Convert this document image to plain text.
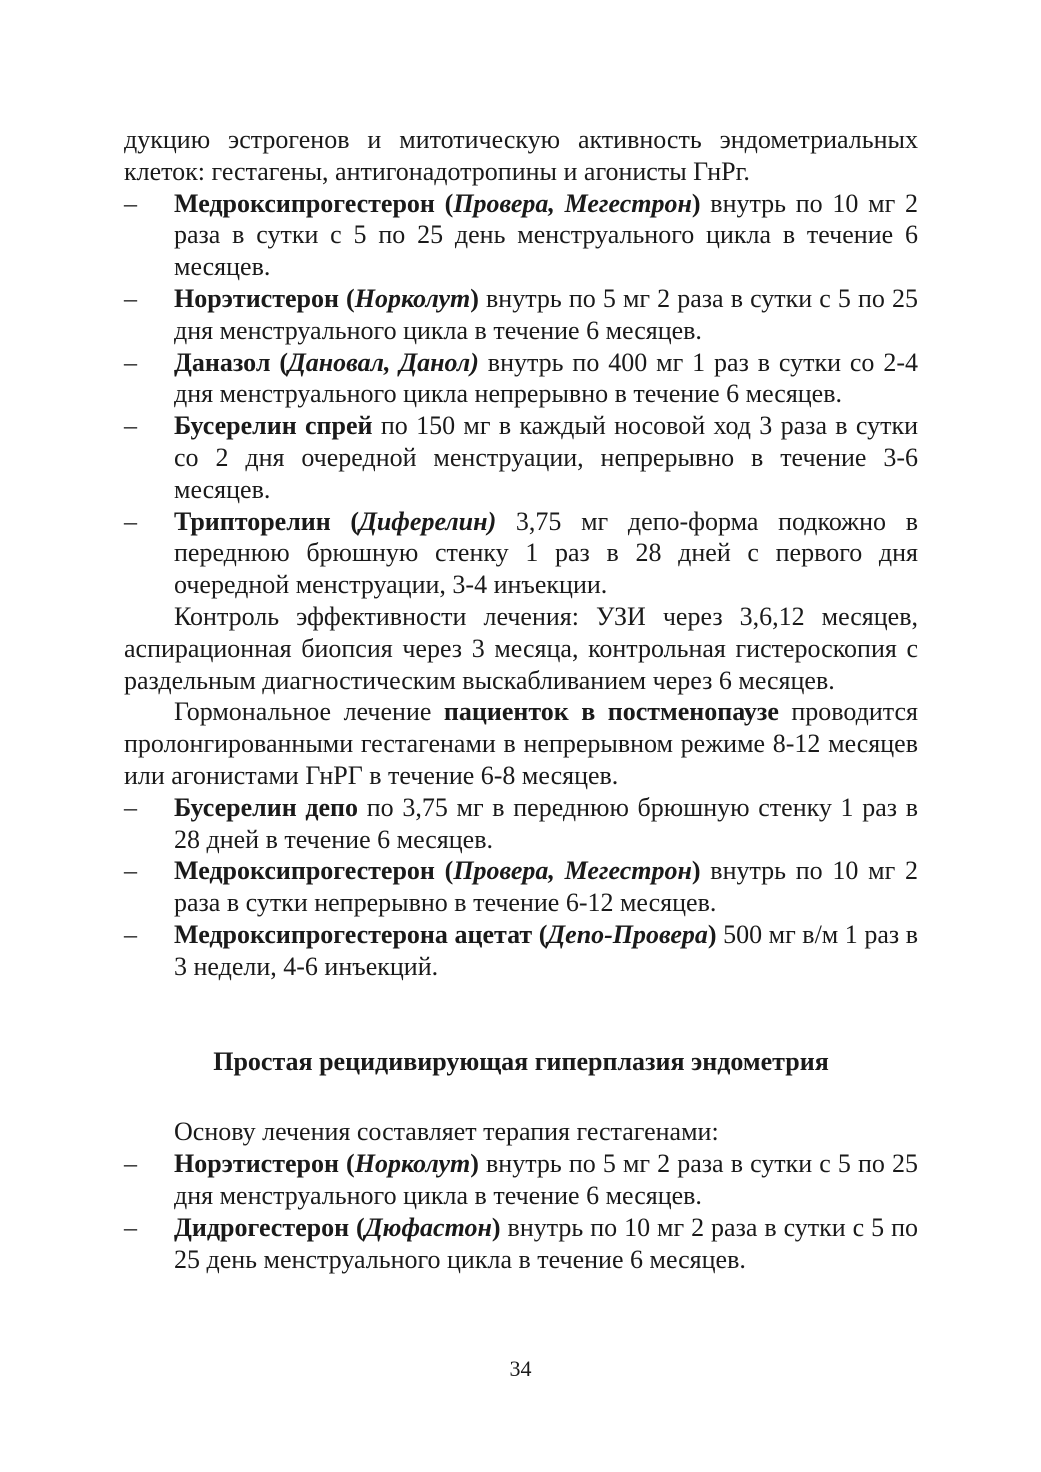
дукцию эстрогенов и митотическую активность эндометриальных клеток: гестагены, антигонадотропины и агонисты ГнРг.

– Медроксипрогестерон (Провера, Мегестрон) внутрь по 10 мг 2 раза в сутки с 5 по 25 день менструального цикла в течение 6 месяцев.
– Норэтистерон (Норколут) внутрь по 5 мг 2 раза в сутки с 5 по 25 дня менструального цикла в течение 6 месяцев.
– Даназол (Дановал, Данол) внутрь по 400 мг 1 раз в сутки со 2-4 дня менструального цикла непрерывно в течение 6 месяцев.
– Бусерелин спрей по 150 мг в каждый носовой ход 3 раза в сутки со 2 дня очередной менструации, непрерывно в течение 3-6 месяцев.
– Трипторелин (Диферелин) 3,75 мг депо-форма подкожно в переднюю брюшную стенку 1 раз в 28 дней с первого дня очередной менструации, 3-4 инъекции.

Контроль эффективности лечения: УЗИ через 3,6,12 месяцев, аспирационная биопсия через 3 месяца, контрольная гистероскопия с раздельным диагностическим выскабливанием через 6 месяцев.

Гормональное лечение пациенток в постменопаузе проводится пролонгированными гестагенами в непрерывном режиме 8-12 месяцев или агонистами ГнРГ в течение 6-8 месяцев.

– Бусерелин депо по 3,75 мг в переднюю брюшную стенку 1 раз в 28 дней в течение 6 месяцев.
– Медроксипрогестерон (Провера, Мегестрон) внутрь по 10 мг 2 раза в сутки непрерывно в течение 6-12 месяцев.
– Медроксипрогестерона ацетат (Депо-Провера) 500 мг в/м 1 раз в 3 недели, 4-6 инъекций.
Простая рецидивирующая гиперплазия эндометрия

Основу лечения составляет терапия гестагенами:

– Норэтистерон (Норколут) внутрь по 5 мг 2 раза в сутки с 5 по 25 дня менструального цикла в течение 6 месяцев.
– Дидрогестерон (Дюфастон) внутрь по 10 мг 2 раза в сутки с 5 по 25 день менструального цикла в течение 6 месяцев.
34
